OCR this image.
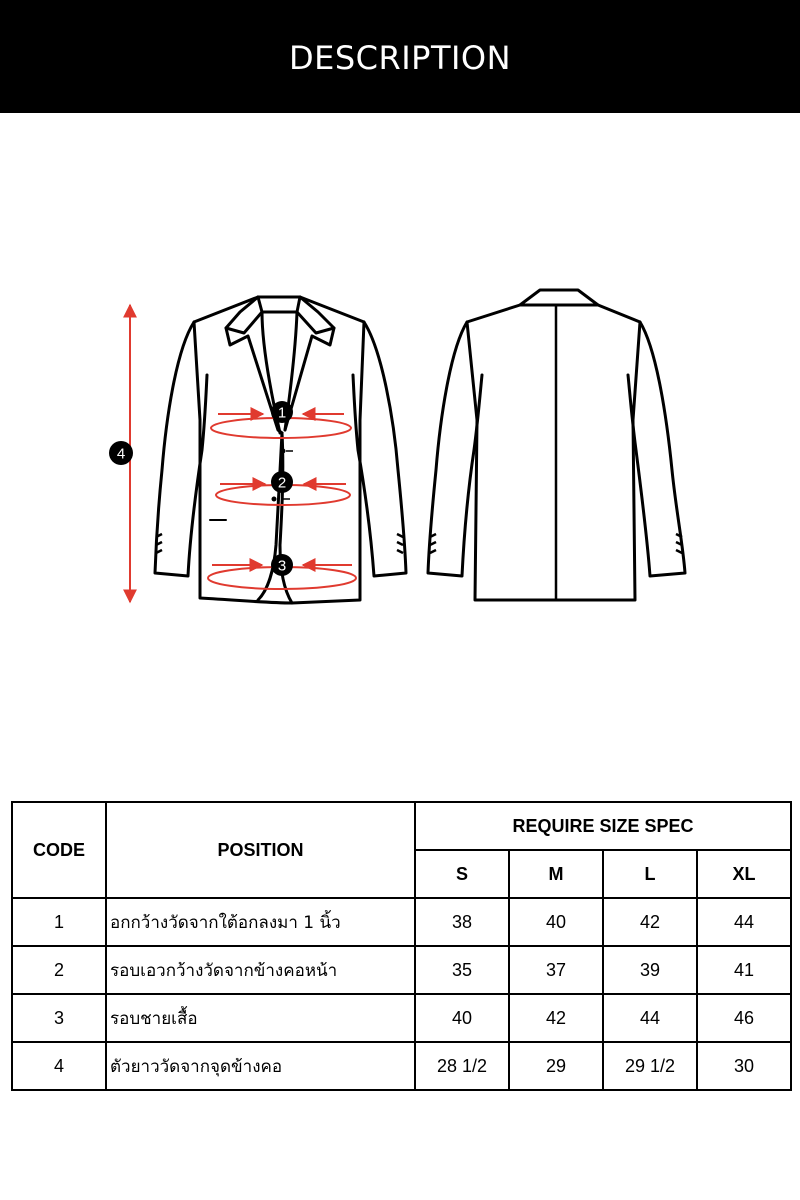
DESCRIPTION
1
2
3
4
CODE	POSITION	REQUIRE SIZE SPEC			
		S	M	L	XL
1	อกกว้างวัดจากใต้อกลงมา 1 นิ้ว	38	40	42	44
2	รอบเอวกว้างวัดจากข้างคอหน้า	35	37	39	41
3	รอบชายเสื้อ	40	42	44	46
4	ตัวยาววัดจากจุดข้างคอ	28 1/2	29	29 1/2	30
